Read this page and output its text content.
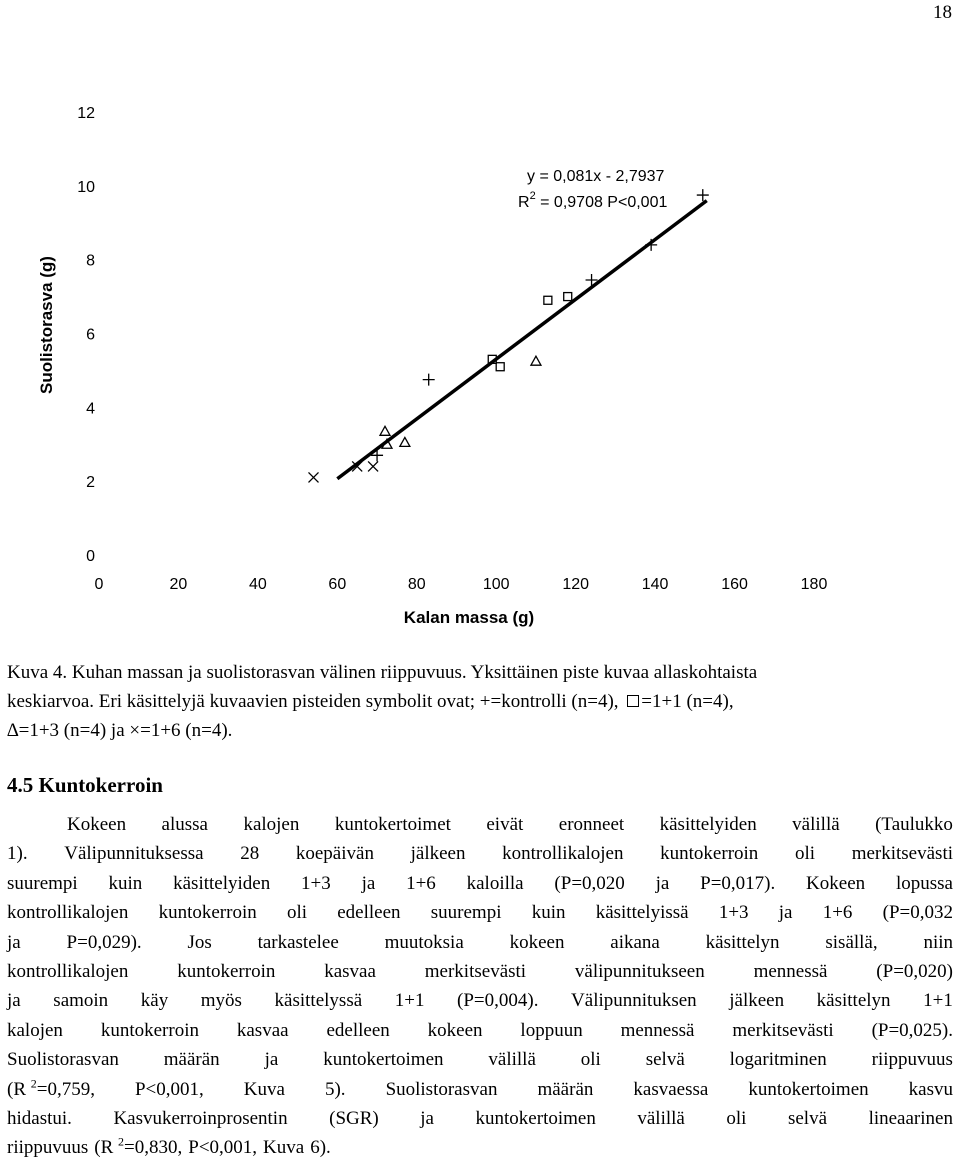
18
Suolistorasva (g)
Kalan massa (g)
0
2
4
6
8
10
12
0	20	40	60	80	100	120	140	160	180
y = 0,081x - 2,7937
$R^2 = 0,9708$ P<0,001
Kuva 4. Kuhan massan ja suolistorasvan välinen riippuvuus. Yksittäinen piste kuvaa allaskohtaista
keskiarvoa. Eri käsittelyjä kuvaavien pisteiden symbolit ovat; +=kontrolli (n=4), =1+1 (n=4),
∆=1+3 (n=4) ja ×=1+6 (n=4).
4.5 Kuntokerroin
Kokeen alussa kalojen kuntokertoimet eivät eronneet käsittelyiden välillä (Taulukko
1). Välipunnituksessa 28 koepäivän jälkeen kontrollikalojen kuntokerroin oli merkitsevästi
suurempi kuin käsittelyiden 1+3 ja 1+6 kaloilla (P=0,020 ja P=0,017). Kokeen lopussa
kontrollikalojen kuntokerroin oli edelleen suurempi kuin käsittelyissä 1+3 ja 1+6 (P=0,032
ja P=0,029). Jos tarkastelee muutoksia kokeen aikana käsittelyn sisällä, niin
kontrollikalojen	kuntokerroin	kasvaa	merkitsevästi	välipunnitukseen	mennessä	(P=0,020)
ja samoin käy myös käsittelyssä 1+1 (P=0,004). Välipunnituksen jälkeen käsittelyn 1+1
kalojen kuntokerroin kasvaa edelleen kokeen loppuun mennessä merkitsevästi (P=0,025).
Suolistorasvan määrän ja kuntokertoimen välillä oli selvä logaritminen riippuvuus
(R $^2$=0,759, P<0,001, Kuva 5). Suolistorasvan määrän kasvaessa kuntokertoimen kasvu
hidastui. Kasvukerroinprosentin (SGR) ja kuntokertoimen välillä oli selvä lineaarinen
riippuvuus (R $^2$=0,830, P<0,001, Kuva 6).
